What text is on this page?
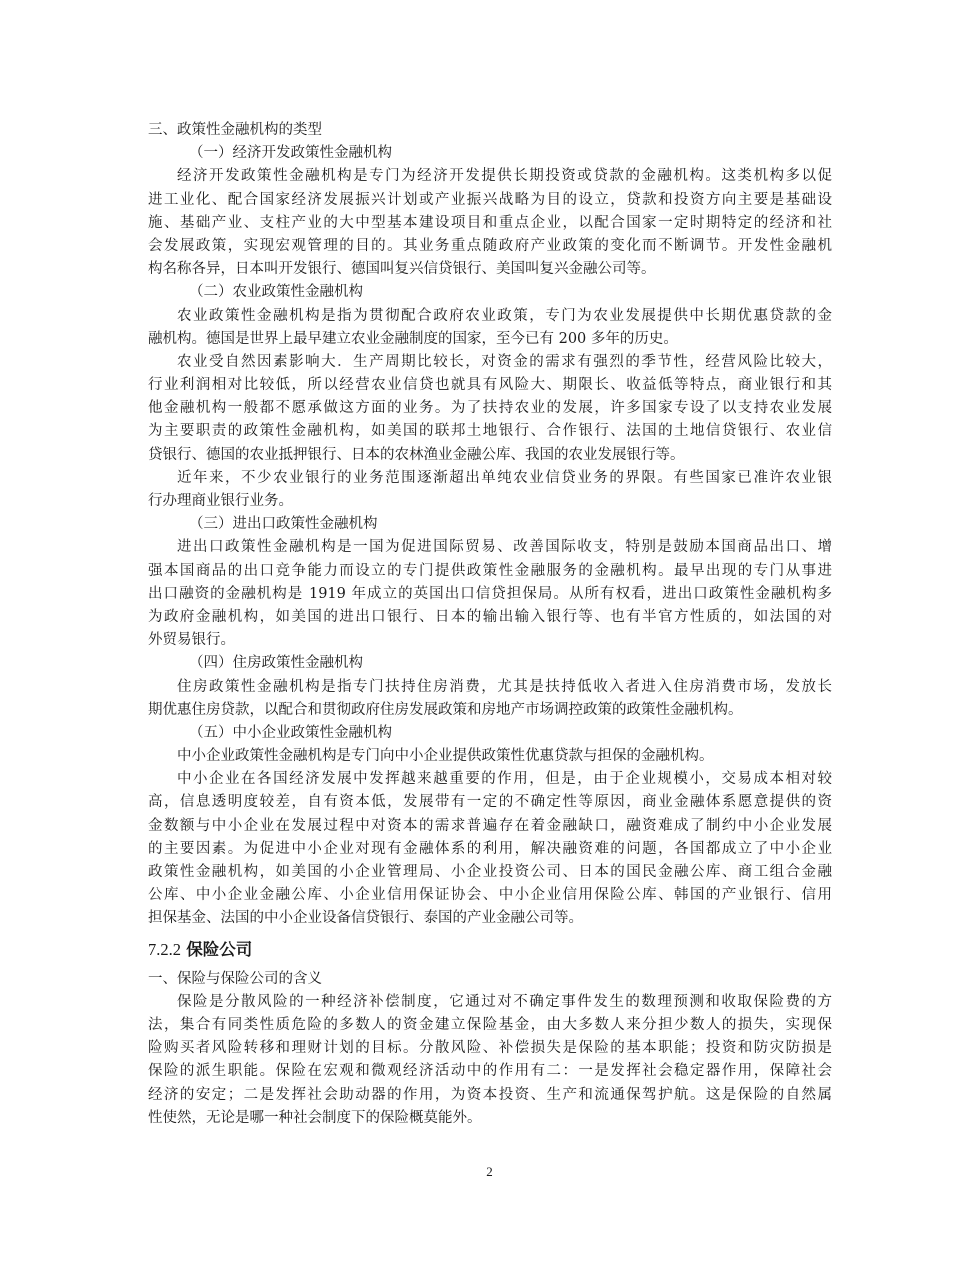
三、政策性金融机构的类型
（一）经济开发政策性金融机构
经济开发政策性金融机构是专门为经济开发提供长期投资或贷款的金融机构。这类机构多以促
进工业化、配合国家经济发展振兴计划或产业振兴战略为目的设立，贷款和投资方向主要是基础设
施、基础产业、支柱产业的大中型基本建设项目和重点企业，以配合国家一定时期特定的经济和社
会发展政策，实现宏观管理的目的。其业务重点随政府产业政策的变化而不断调节。开发性金融机
构名称各异，日本叫开发银行、德国叫复兴信贷银行、美国叫复兴金融公司等。
（二）农业政策性金融机构
农业政策性金融机构是指为贯彻配合政府农业政策，专门为农业发展提供中长期优惠贷款的金
融机构。德国是世界上最早建立农业金融制度的国家，至今已有 200 多年的历史。
农业受自然因素影响大．生产周期比较长，对资金的需求有强烈的季节性，经营风险比较大，
行业利润相对比较低，所以经营农业信贷也就具有风险大、期限长、收益低等特点，商业银行和其
他金融机构一般都不愿承做这方面的业务。为了扶持农业的发展，许多国家专设了以支持农业发展
为主要职责的政策性金融机构，如美国的联邦土地银行、合作银行、法国的土地信贷银行、农业信
贷银行、德国的农业抵押银行、日本的农林渔业金融公库、我国的农业发展银行等。
近年来，不少农业银行的业务范围逐渐超出单纯农业信贷业务的界限。有些国家已准许农业银
行办理商业银行业务。
（三）进出口政策性金融机构
进出口政策性金融机构是一国为促进国际贸易、改善国际收支，特别是鼓励本国商品出口、增
强本国商品的出口竞争能力而设立的专门提供政策性金融服务的金融机构。最早出现的专门从事进
出口融资的金融机构是 1919 年成立的英国出口信贷担保局。从所有权看，进出口政策性金融机构多
为政府金融机构，如美国的进出口银行、日本的输出输入银行等、也有半官方性质的，如法国的对
外贸易银行。
（四）住房政策性金融机构
住房政策性金融机构是指专门扶持住房消费，尤其是扶持低收入者进入住房消费市场，发放长
期优惠住房贷款，以配合和贯彻政府住房发展政策和房地产市场调控政策的政策性金融机构。
（五）中小企业政策性金融机构
中小企业政策性金融机构是专门向中小企业提供政策性优惠贷款与担保的金融机构。
中小企业在各国经济发展中发挥越来越重要的作用，但是，由于企业规模小，交易成本相对较
高，信息透明度较差，自有资本低，发展带有一定的不确定性等原因，商业金融体系愿意提供的资
金数额与中小企业在发展过程中对资本的需求普遍存在着金融缺口，融资难成了制约中小企业发展
的主要因素。为促进中小企业对现有金融体系的利用，解决融资难的问题，各国都成立了中小企业
政策性金融机构，如美国的小企业管理局、小企业投资公司、日本的国民金融公库、商工组合金融
公库、中小企业金融公库、小企业信用保证协会、中小企业信用保险公库、韩国的产业银行、信用
担保基金、法国的中小企业设备信贷银行、泰国的产业金融公司等。
7.2.2 保险公司
一、保险与保险公司的含义
保险是分散风险的一种经济补偿制度，它通过对不确定事件发生的数理预测和收取保险费的方
法，集合有同类性质危险的多数人的资金建立保险基金，由大多数人来分担少数人的损失，实现保
险购买者风险转移和理财计划的目标。分散风险、补偿损失是保险的基本职能；投资和防灾防损是
保险的派生职能。保险在宏观和微观经济活动中的作用有二：一是发挥社会稳定器作用，保障社会
经济的安定；二是发挥社会助动器的作用，为资本投资、生产和流通保驾护航。这是保险的自然属
性使然，无论是哪一种社会制度下的保险概莫能外。
2
